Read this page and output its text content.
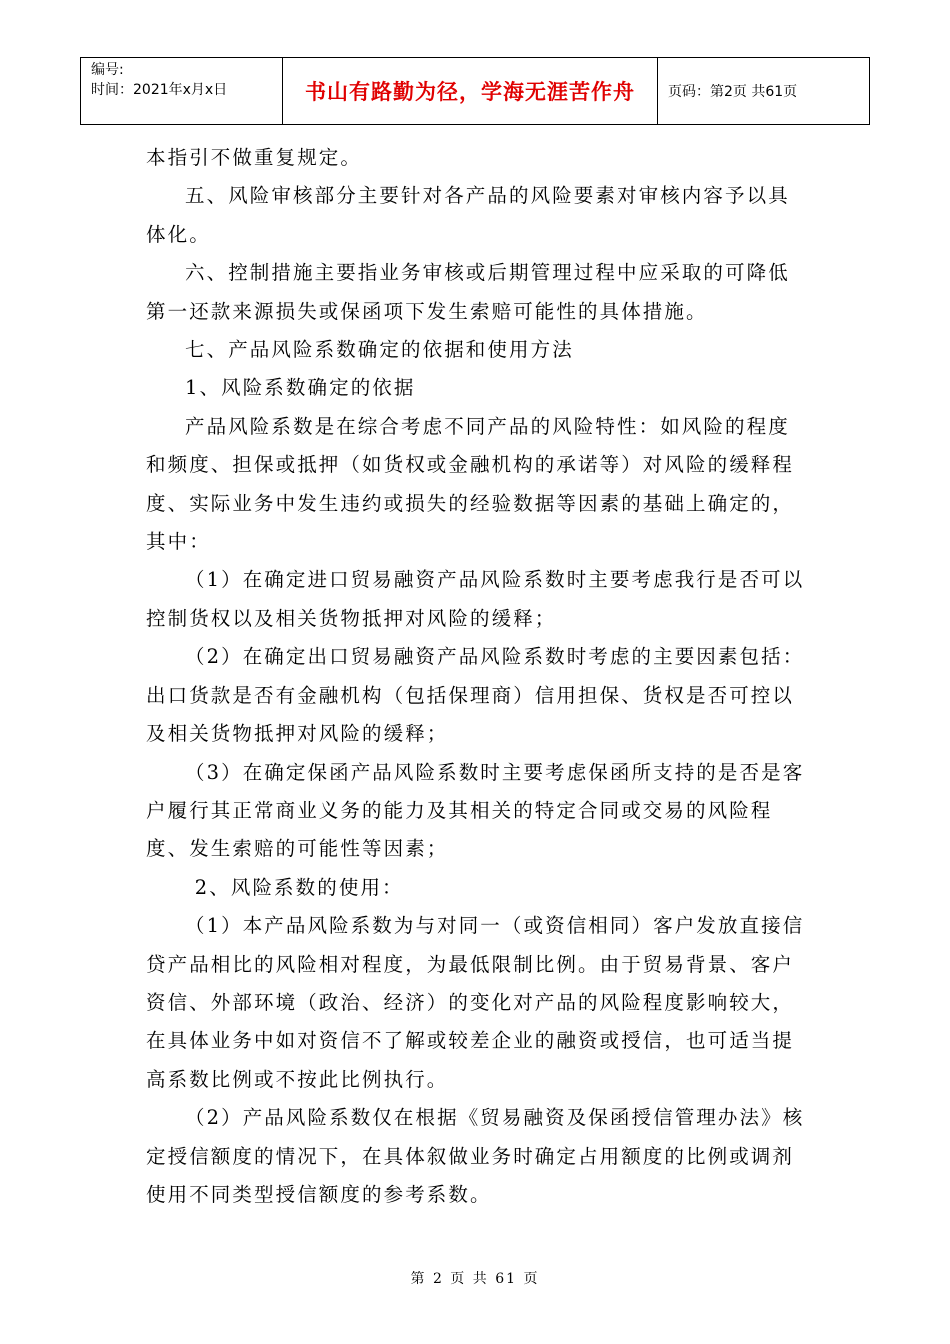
编号:
时间：2021年x月x日	书山有路勤为径，学海无涯苦作舟	页码：第2页 共61页

本指引不做重复规定。

五、风险审核部分主要针对各产品的风险要素对审核内容予以具体化。

六、控制措施主要指业务审核或后期管理过程中应采取的可降低第一还款来源损失或保函项下发生索赔可能性的具体措施。

七、产品风险系数确定的依据和使用方法

1、风险系数确定的依据

产品风险系数是在综合考虑不同产品的风险特性：如风险的程度和频度、担保或抵押（如货权或金融机构的承诺等）对风险的缓释程度、实际业务中发生违约或损失的经验数据等因素的基础上确定的，其中：

（1）在确定进口贸易融资产品风险系数时主要考虑我行是否可以控制货权以及相关货物抵押对风险的缓释；

（2）在确定出口贸易融资产品风险系数时考虑的主要因素包括：出口货款是否有金融机构（包括保理商）信用担保、货权是否可控以及相关货物抵押对风险的缓释；

（3）在确定保函产品风险系数时主要考虑保函所支持的是否是客户履行其正常商业义务的能力及其相关的特定合同或交易的风险程度、发生索赔的可能性等因素；

2、风险系数的使用：

（1）本产品风险系数为与对同一（或资信相同）客户发放直接信贷产品相比的风险相对程度，为最低限制比例。由于贸易背景、客户资信、外部环境（政治、经济）的变化对产品的风险程度影响较大，在具体业务中如对资信不了解或较差企业的融资或授信，也可适当提高系数比例或不按此比例执行。

（2）产品风险系数仅在根据《贸易融资及保函授信管理办法》核定授信额度的情况下，在具体叙做业务时确定占用额度的比例或调剂使用不同类型授信额度的参考系数。

第 2 页 共 61 页
